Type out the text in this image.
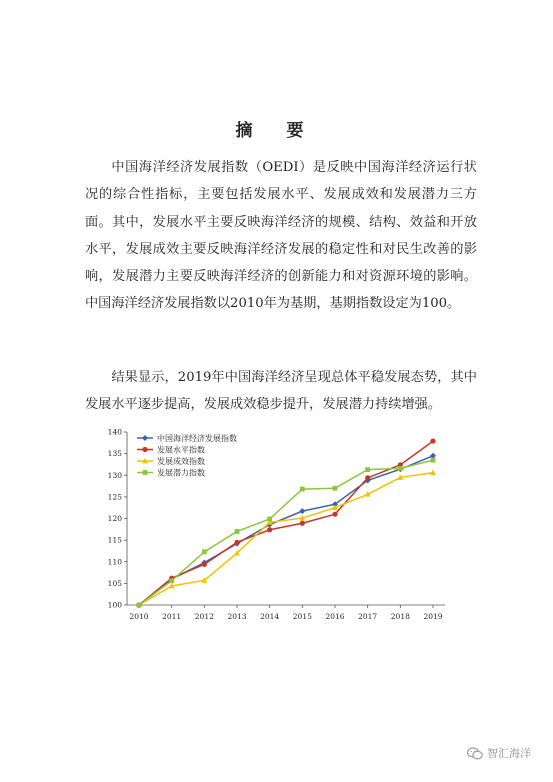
摘 要

中国海洋经济发展指数（OEDI）是反映中国海洋经济运行状况的综合性指标，主要包括发展水平、发展成效和发展潜力三方面。其中，发展水平主要反映海洋经济的规模、结构、效益和开放水平，发展成效主要反映海洋经济发展的稳定性和对民生改善的影响，发展潜力主要反映海洋经济的创新能力和对资源环境的影响。中国海洋经济发展指数以2010年为基期，基期指数设定为100。

结果显示，2019年中国海洋经济呈现总体平稳发展态势，其中发展水平逐步提高，发展成效稳步提升，发展潜力持续增强。

100
105
110
115
120
125
130
135
140
2010 2011 2012 2013 2014 2015 2016 2017 2018 2019
中国海洋经济发展指数
发展水平指数
发展成效指数
发展潜力指数
智汇海洋
